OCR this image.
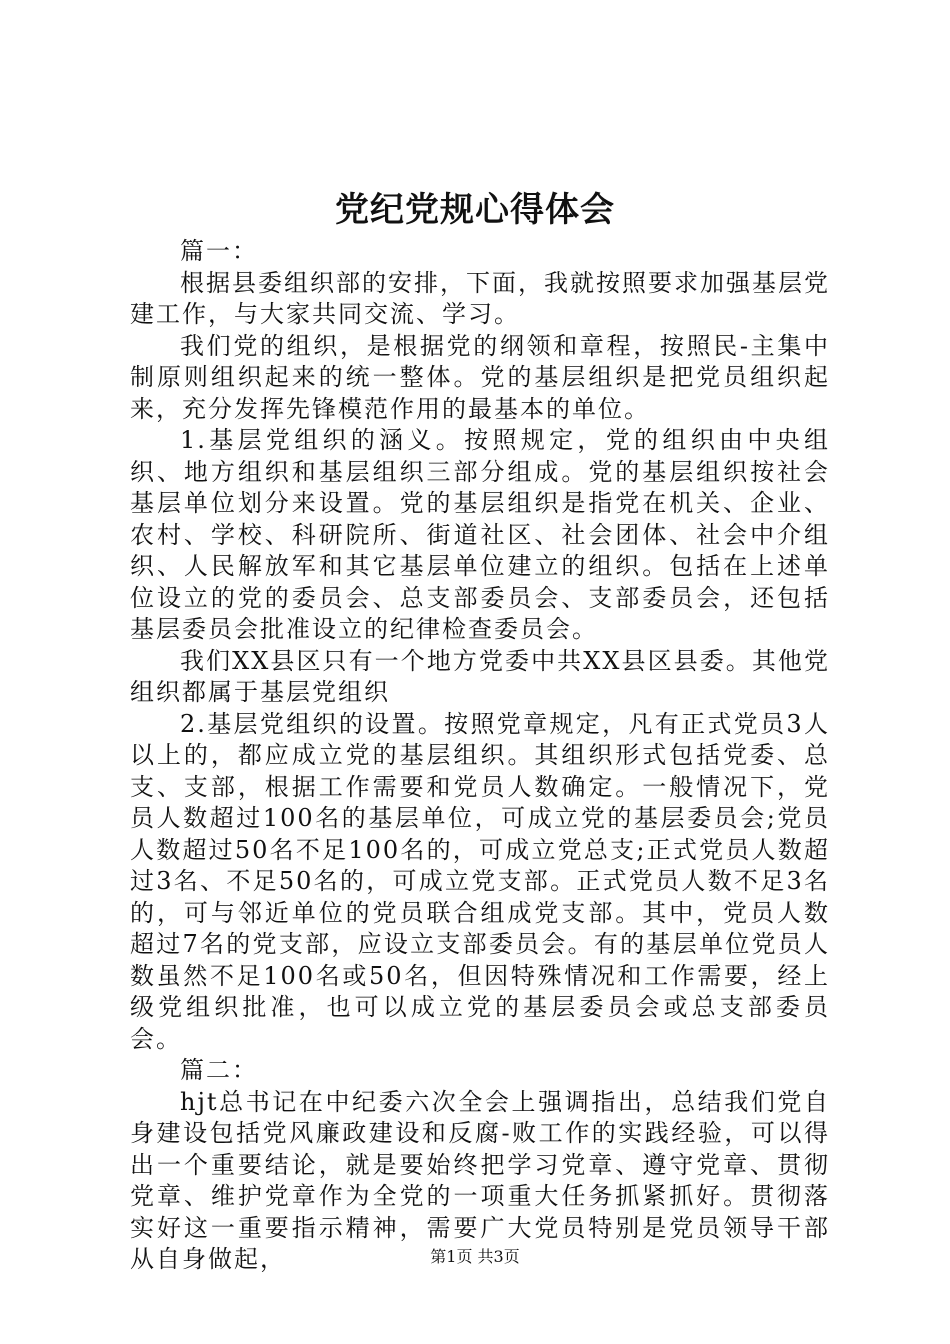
党纪党规心得体会

篇一：

根据县委组织部的安排，下面，我就按照要求加强基层党建工作，与大家共同交流、学习。

我们党的组织，是根据党的纲领和章程，按照民-主集中制原则组织起来的统一整体。党的基层组织是把党员组织起来，充分发挥先锋模范作用的最基本的单位。

1.基层党组织的涵义。按照规定，党的组织由中央组织、地方组织和基层组织三部分组成。党的基层组织按社会基层单位划分来设置。党的基层组织是指党在机关、企业、农村、学校、科研院所、街道社区、社会团体、社会中介组织、人民解放军和其它基层单位建立的组织。包括在上述单位设立的党的委员会、总支部委员会、支部委员会，还包括基层委员会批准设立的纪律检查委员会。

我们XX县区只有一个地方党委中共XX县区县委。其他党组织都属于基层党组织

2.基层党组织的设置。按照党章规定，凡有正式党员3人以上的，都应成立党的基层组织。其组织形式包括党委、总支、支部，根据工作需要和党员人数确定。一般情况下，党员人数超过100名的基层单位，可成立党的基层委员会;党员人数超过50名不足100名的，可成立党总支;正式党员人数超过3名、不足50名的，可成立党支部。正式党员人数不足3名的，可与邻近单位的党员联合组成党支部。其中，党员人数超过7名的党支部，应设立支部委员会。有的基层单位党员人数虽然不足100名或50名，但因特殊情况和工作需要，经上级党组织批准，也可以成立党的基层委员会或总支部委员会。

篇二：

hjt总书记在中纪委六次全会上强调指出，总结我们党自身建设包括党风廉政建设和反腐-败工作的实践经验，可以得出一个重要结论，就是要始终把学习党章、遵守党章、贯彻党章、维护党章作为全党的一项重大任务抓紧抓好。贯彻落实好这一重要指示精神，需要广大党员特别是党员领导干部从自身做起，	第1页 共3页
